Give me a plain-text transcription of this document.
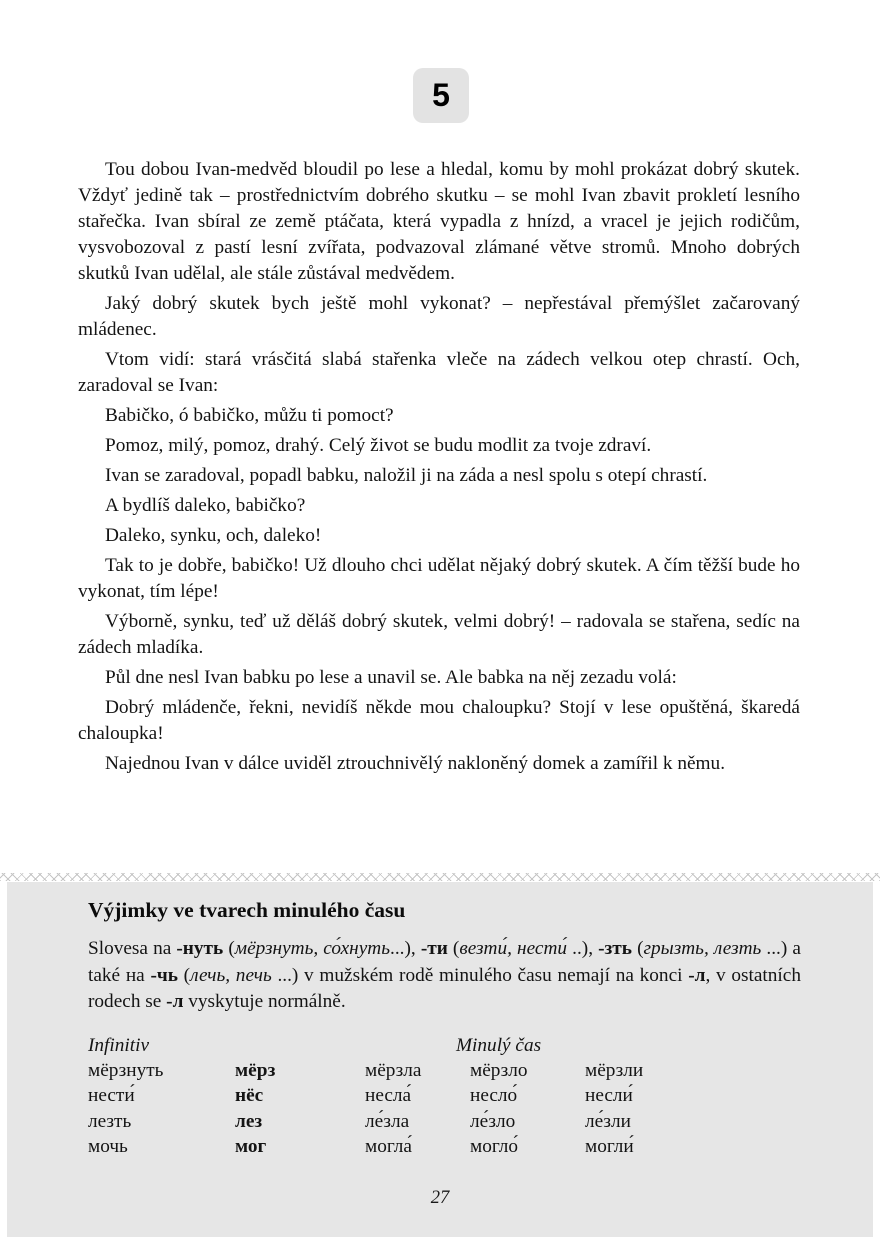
5

Tou dobou Ivan-medvěd bloudil po lese a hledal, komu by mohl prokázat dobrý skutek. Vždyť jedině tak – prostřednictvím dobrého skutku – se mohl Ivan zbavit prokletí lesního stařečka. Ivan sbíral ze země ptáčata, která vypadla z hnízd, a vracel je jejich rodičům, vysvobozoval z pastí lesní zvířata, podvazoval zlámané větve stromů. Mnoho dobrých skutků Ivan udělal, ale stále zůstával medvědem.

Jaký dobrý skutek bych ještě mohl vykonat? – nepřestával přemýšlet začarovaný mládenec.

Vtom vidí: stará vrásčitá slabá stařenka vleče na zádech velkou otep chrastí. Och, zaradoval se Ivan:

Babičko, ó babičko, můžu ti pomoct?

Pomoz, milý, pomoz, drahý. Celý život se budu modlit za tvoje zdraví.

Ivan se zaradoval, popadl babku, naložil ji na záda a nesl spolu s otepí chrastí.

A bydlíš daleko, babičko?

Daleko, synku, och, daleko!

Tak to je dobře, babičko! Už dlouho chci udělat nějaký dobrý skutek. A čím těžší bude ho vykonat, tím lépe!

Výborně, synku, teď už děláš dobrý skutek, velmi dobrý! – radovala se stařena, sedíc na zádech mladíka.

Půl dne nesl Ivan babku po lese a unavil se. Ale babka na něj zezadu volá:

Dobrý mládenče, řekni, nevidíš někde mou chaloupku? Stojí v lese opuštěná, škaredá chaloupka!

Najednou Ivan v dálce uviděl ztrouchnivělý nakloněný domek a zamířil k němu.

Výjimky ve tvarech minulého času
Slovesa na -нуть (мёрзнуть, со́хнуть...), -ти (везти́, нести́ ..), -зть (грызть, лезть ...) a také на -чь (лечь, печь ...) v mužském rodě minulého času nemají na konci -л, v ostatních rodech se -л vyskytuje normálně.
Infinitiv	Minulý čas
мёрзнуть	мёрз	мёрзла	мёрзло	мёрзли
нести́	нёс	несла́	несло́	несли́
лезть	лез	ле́зла	ле́зло	ле́зли
мочь	мог	могла́	могло́	могли́
27
